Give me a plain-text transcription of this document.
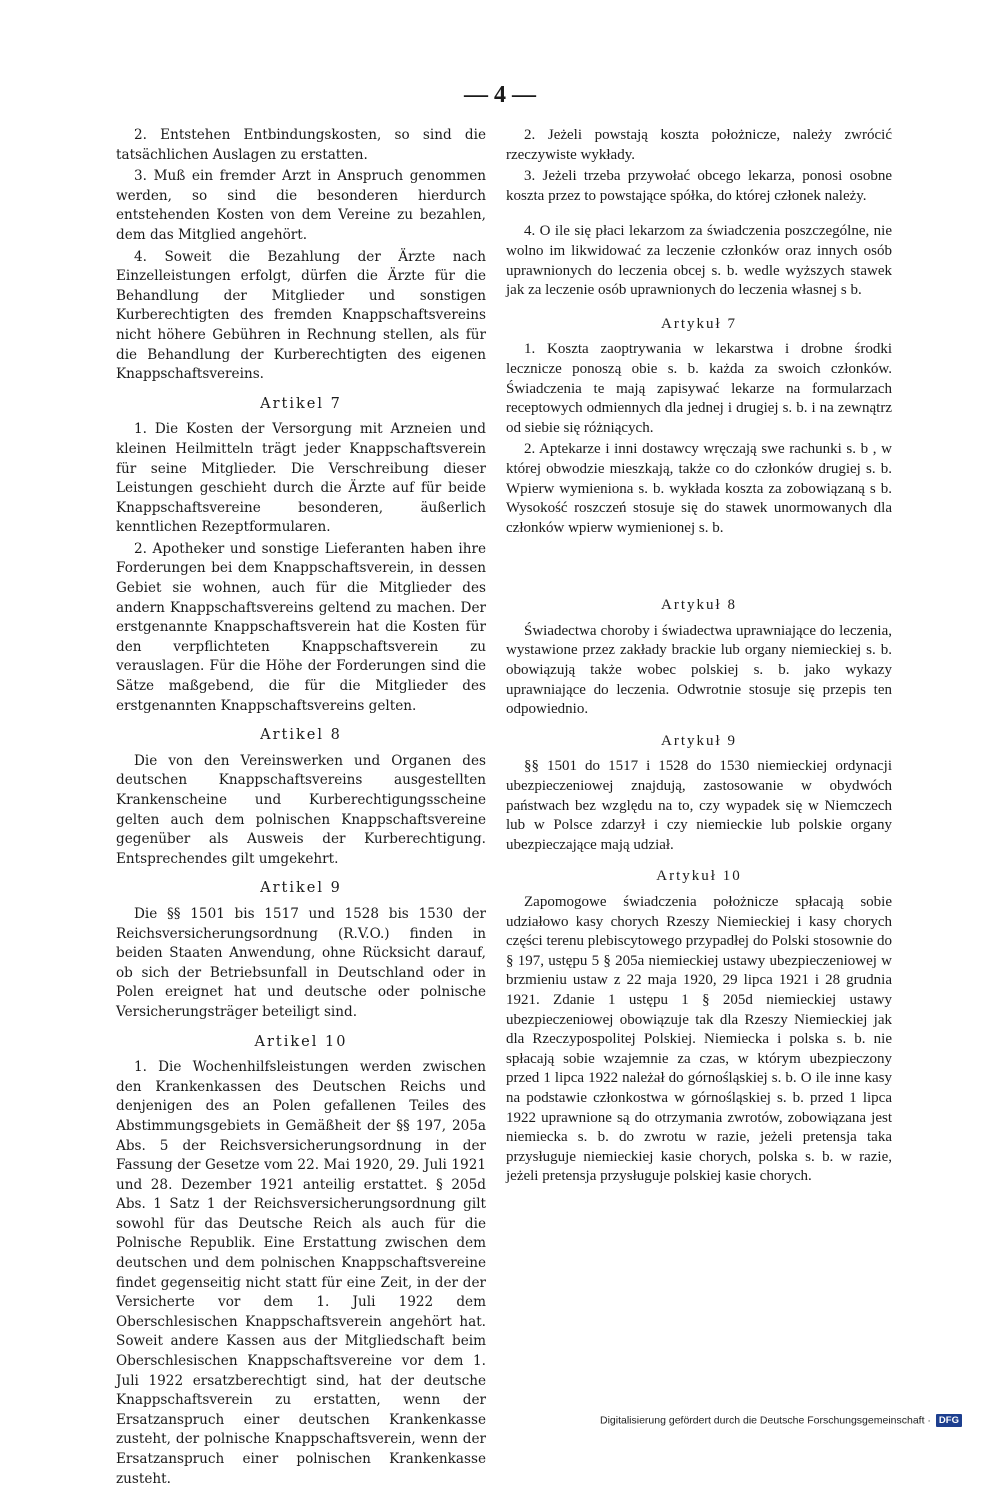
— 4 —

2. Entstehen Entbindungskosten, so sind die tatsächlichen Auslagen zu erstatten.

3. Muß ein fremder Arzt in Anspruch genommen werden, so sind die besonderen hierdurch entstehenden Kosten von dem Vereine zu bezahlen, dem das Mitglied angehört.

4. Soweit die Bezahlung der Ärzte nach Einzelleistungen erfolgt, dürfen die Ärzte für die Behandlung der Mitglieder und sonstigen Kurberechtigten des fremden Knappschaftsvereins nicht höhere Gebühren in Rechnung stellen, als für die Behandlung der Kurberechtigten des eigenen Knappschaftsvereins.

Artikel 7

1. Die Kosten der Versorgung mit Arzneien und kleinen Heilmitteln trägt jeder Knappschaftsverein für seine Mitglieder. Die Verschreibung dieser Leistungen geschieht durch die Ärzte auf für beide Knappschaftsvereine besonderen, äußerlich kenntlichen Rezeptformularen.

2. Apotheker und sonstige Lieferanten haben ihre Forderungen bei dem Knappschaftsverein, in dessen Gebiet sie wohnen, auch für die Mitglieder des andern Knappschaftsvereins geltend zu machen. Der erstgenannte Knappschaftsverein hat die Kosten für den verpflichteten Knappschaftsverein zu verauslagen. Für die Höhe der Forderungen sind die Sätze maßgebend, die für die Mitglieder des erstgenannten Knappschaftsvereins gelten.

Artikel 8

Die von den Vereinswerken und Organen des deutschen Knappschaftsvereins ausgestellten Krankenscheine und Kurberechtigungsscheine gelten auch dem polnischen Knappschaftsvereine gegenüber als Ausweis der Kurberechtigung. Entsprechendes gilt umgekehrt.

Artikel 9

Die §§ 1501 bis 1517 und 1528 bis 1530 der Reichsversicherungsordnung (R.V.O.) finden in beiden Staaten Anwendung, ohne Rücksicht darauf, ob sich der Betriebsunfall in Deutschland oder in Polen ereignet hat und deutsche oder polnische Versicherungsträger beteiligt sind.

Artikel 10

1. Die Wochenhilfsleistungen werden zwischen den Krankenkassen des Deutschen Reichs und denjenigen des an Polen gefallenen Teiles des Abstimmungsgebiets in Gemäßheit der §§ 197, 205a Abs. 5 der Reichsversicherungsordnung in der Fassung der Gesetze vom 22. Mai 1920, 29. Juli 1921 und 28. Dezember 1921 anteilig erstattet. § 205d Abs. 1 Satz 1 der Reichsversicherungsordnung gilt sowohl für das Deutsche Reich als auch für die Polnische Republik. Eine Erstattung zwischen dem deutschen und dem polnischen Knappschaftsvereine findet gegenseitig nicht statt für eine Zeit, in der der Versicherte vor dem 1. Juli 1922 dem Oberschlesischen Knappschaftsverein angehört hat. Soweit andere Kassen aus der Mitgliedschaft beim Oberschlesischen Knappschaftsvereine vor dem 1. Juli 1922 ersatzberechtigt sind, hat der deutsche Knappschaftsverein zu erstatten, wenn der Ersatzanspruch einer deutschen Krankenkasse zusteht, der polnische Knappschaftsverein, wenn der Ersatzanspruch einer polnischen Krankenkasse zusteht.

2. Jeżeli powstają koszta położnicze, należy zwrócić rzeczywiste wykłady.

3. Jeżeli trzeba przywołać obcego lekarza, ponosi osobne koszta przez to powstające spółka, do której członek należy.

4. O ile się płaci lekarzom za świadczenia poszczególne, nie wolno im likwidować za leczenie członków oraz innych osób uprawnionych do leczenia obcej s. b. wedle wyższych stawek jak za leczenie osób uprawnionych do leczenia własnej s b.

Artykuł 7

1. Koszta zaoptrywania w lekarstwa i drobne środki lecznicze ponoszą obie s. b. każda za swoich członków. Świadczenia te mają zapisywać lekarze na formularzach receptowych odmiennych dla jednej i drugiej s. b. i na zewnątrz od siebie się różniących.

2. Aptekarze i inni dostawcy wręczają swe rachunki s. b , w której obwodzie mieszkają, także co do członków drugiej s. b. Wpierw wymieniona s. b. wykłada koszta za zobowiązaną s b. Wysokość roszczeń stosuje się do stawek unormowanych dla członków wpierw wymienionej s. b.

Artykuł 8

Świadectwa choroby i świadectwa uprawniające do leczenia, wystawione przez zakłady brackie lub organy niemieckiej s. b. obowiązują także wobec polskiej s. b. jako wykazy uprawniające do leczenia. Odwrotnie stosuje się przepis ten odpowiednio.

Artykuł 9

§§ 1501 do 1517 i 1528 do 1530 niemieckiej ordynacji ubezpieczeniowej znajdują, zastosowanie w obydwóch państwach bez względu na to, czy wypadek się w Niemczech lub w Polsce zdarzył i czy niemieckie lub polskie organy ubezpieczające mają udział.

Artykuł 10

Zapomogowe świadczenia położnicze spłacają sobie udziałowo kasy chorych Rzeszy Niemieckiej i kasy chorych części terenu plebiscytowego przypadłej do Polski stosownie do § 197, ustępu 5 § 205a niemieckiej ustawy ubezpieczeniowej w brzmieniu ustaw z 22 maja 1920, 29 lipca 1921 i 28 grudnia 1921. Zdanie 1 ustępu 1 § 205d niemieckiej ustawy ubezpieczeniowej obowiązuje tak dla Rzeszy Niemieckiej jak dla Rzeczypospolitej Polskiej. Niemiecka i polska s. b. nie spłacają sobie wzajemnie za czas, w którym ubezpieczony przed 1 lipca 1922 należał do górnośląskiej s. b. O ile inne kasy na podstawie członkostwa w górnośląskiej s. b. przed 1 lipca 1922 uprawnione są do otrzymania zwrotów, zobowiązana jest niemiecka s. b. do zwrotu w razie, jeżeli pretensja taka przysługuje niemieckiej kasie chorych, polska s. b. w razie, jeżeli pretensja przysługuje polskiej kasie chorych.

Digitalisierung gefördert durch die Deutsche Forschungsgemeinschaft · DFG
